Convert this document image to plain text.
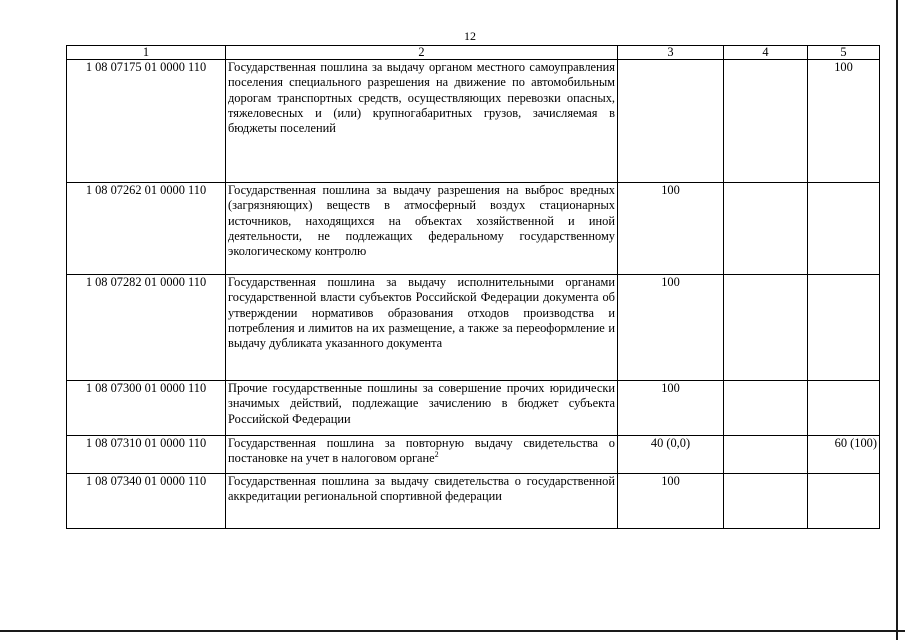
12
1	2	3	4	5
1 08 07175 01 0000 110	Государственная пошлина за выдачу органом местного самоуправления поселения специального разрешения на движение по автомобильным дорогам транспортных средств, осуществляющих перевозки опасных, тяжеловесных и (или) крупногабаритных грузов, зачисляемая в бюджеты поселений			100
1 08 07262 01 0000 110	Государственная пошлина за выдачу разрешения на выброс вредных (загрязняющих) веществ в атмосферный воздух стационарных источников, находящихся на объектах хозяйственной и иной деятельности, не подлежащих федеральному государственному экологическому контролю	100		
1 08 07282 01 0000 110	Государственная пошлина за выдачу исполнительными органами государственной власти субъектов Российской Федерации документа об утверждении нормативов образования отходов производства и потребления и лимитов на их размещение, а также за переоформление и выдачу дубликата указанного документа	100		
1 08 07300 01 0000 110	Прочие государственные пошлины за совершение прочих юридически значимых действий, подлежащие зачислению в бюджет субъекта Российской Федерации	100		
1 08 07310 01 0000 110	Государственная пошлина за повторную выдачу свидетельства о постановке на учет в налоговом органе$^2$	40 (0,0)		60 (100)
1 08 07340 01 0000 110	Государственная пошлина за выдачу свидетельства о государственной аккредитации региональной спортивной федерации	100		
